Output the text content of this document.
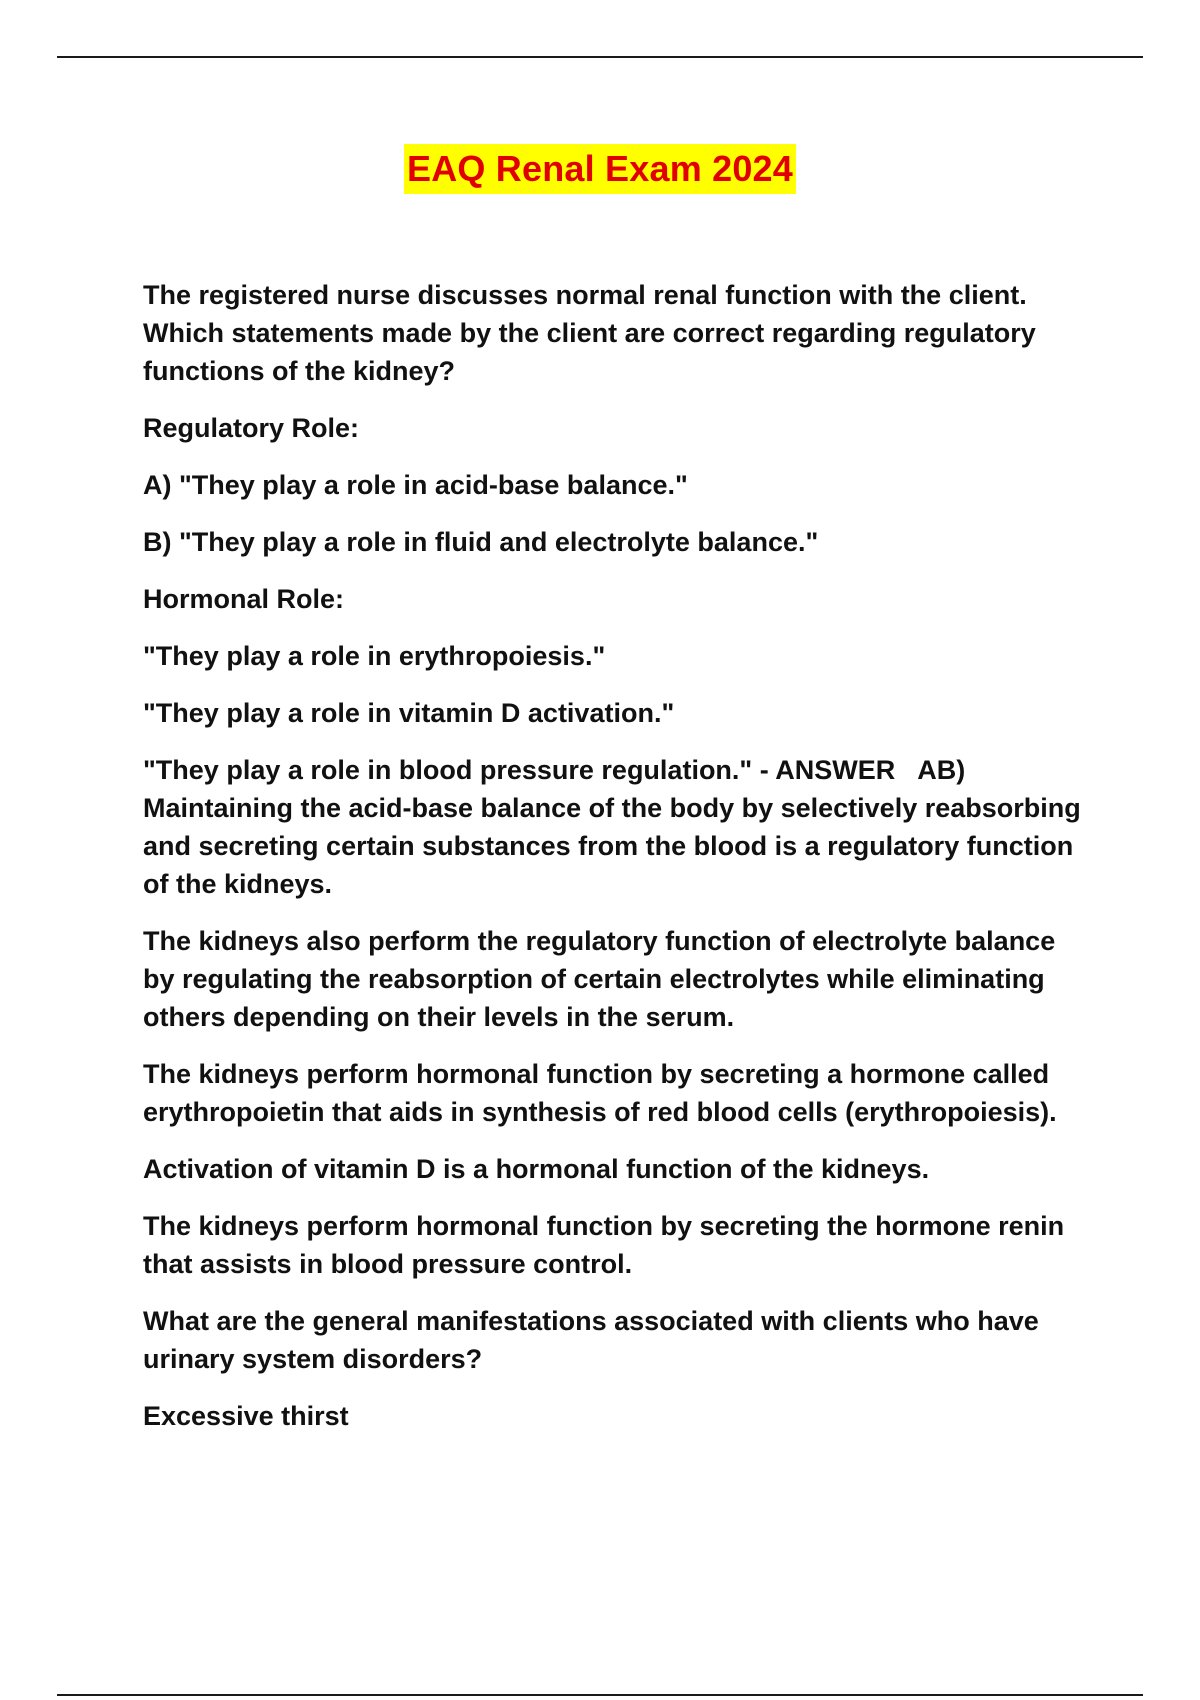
EAQ Renal Exam 2024

The registered nurse discusses normal renal function with the client. Which statements made by the client are correct regarding regulatory functions of the kidney?

Regulatory Role:

A) "They play a role in acid-base balance."

B) "They play a role in fluid and electrolyte balance."

Hormonal Role:

"They play a role in erythropoiesis."

"They play a role in vitamin D activation."

"They play a role in blood pressure regulation." - ANSWER AB) Maintaining the acid-base balance of the body by selectively reabsorbing and secreting certain substances from the blood is a regulatory function of the kidneys.

The kidneys also perform the regulatory function of electrolyte balance by regulating the reabsorption of certain electrolytes while eliminating others depending on their levels in the serum.

The kidneys perform hormonal function by secreting a hormone called erythropoietin that aids in synthesis of red blood cells (erythropoiesis).

Activation of vitamin D is a hormonal function of the kidneys.

The kidneys perform hormonal function by secreting the hormone renin that assists in blood pressure control.

What are the general manifestations associated with clients who have urinary system disorders?

Excessive thirst
